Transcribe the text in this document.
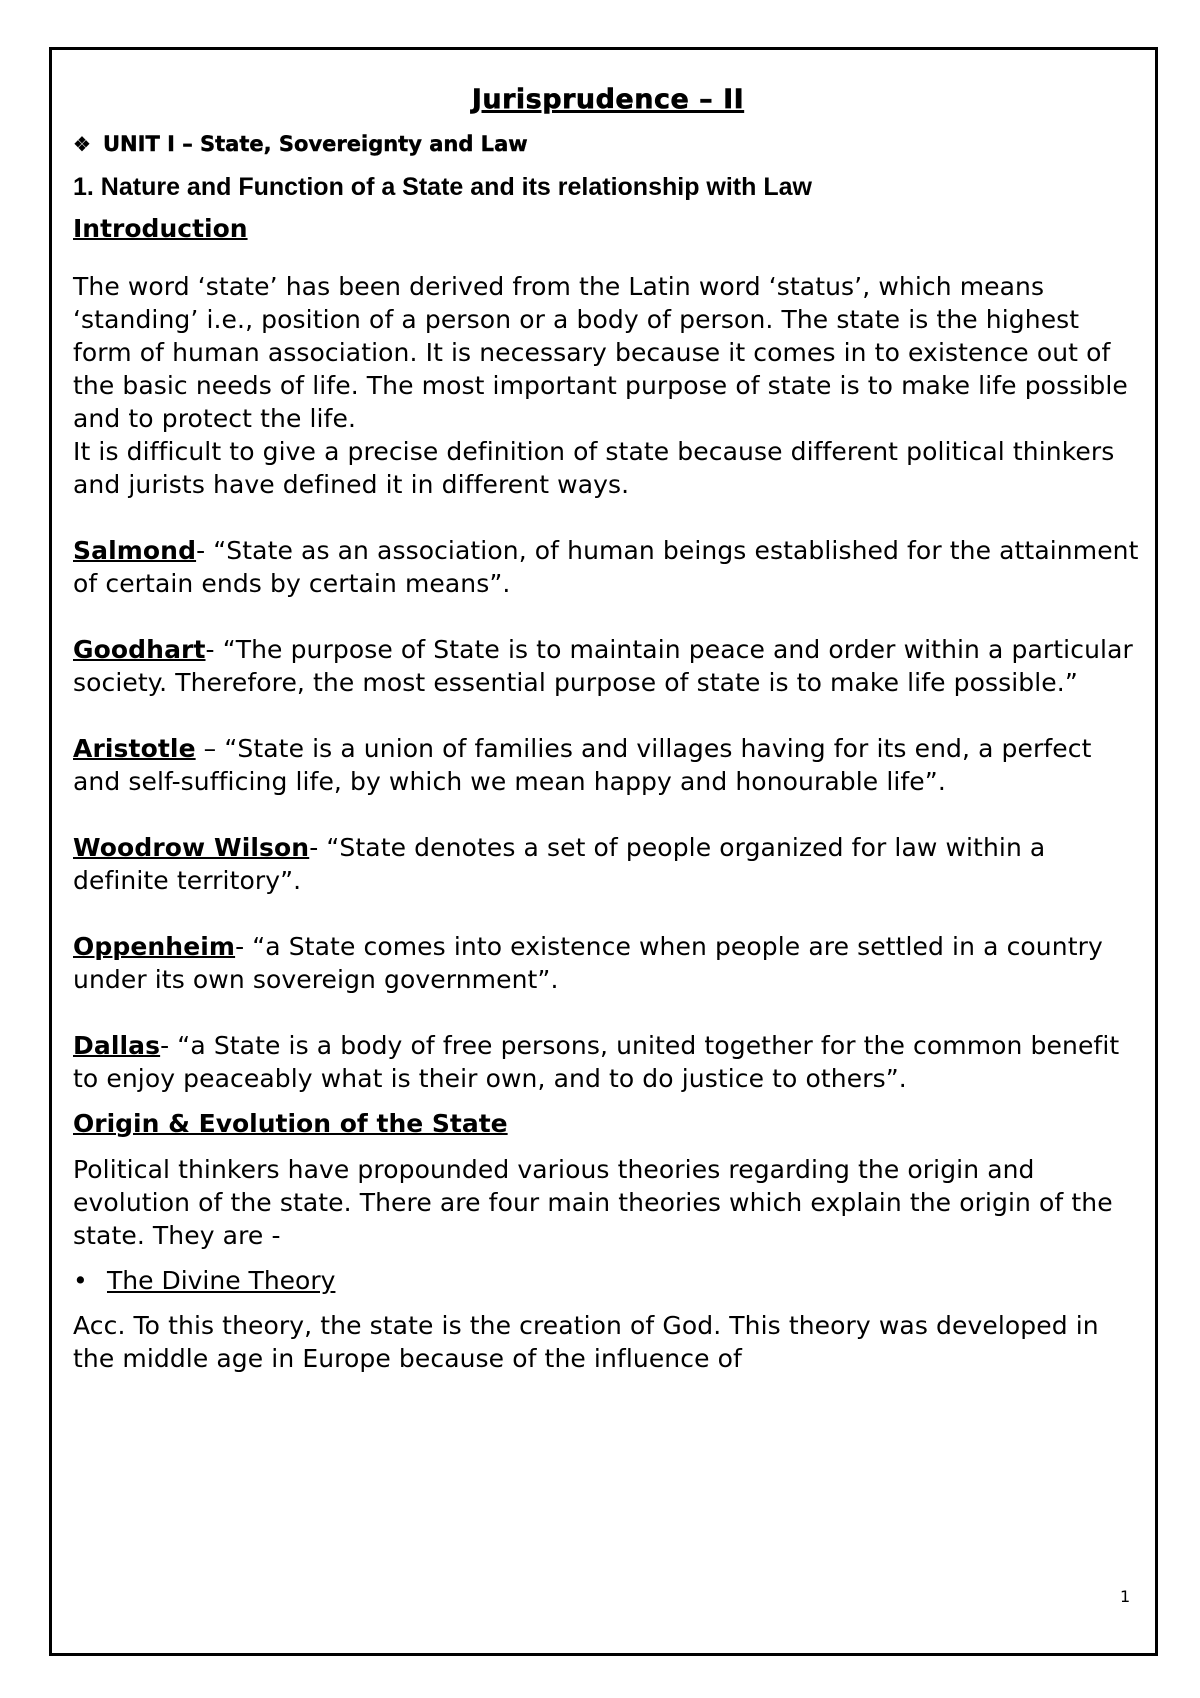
Jurisprudence – II
❖ UNIT I – State, Sovereignty and Law
1. Nature and Function of a State and its relationship with Law
Introduction

The word ‘state’ has been derived from the Latin word ‘status’, which means ‘standing’ i.e., position of a person or a body of person. The state is the highest form of human association. It is necessary because it comes in to existence out of the basic needs of life. The most important purpose of state is to make life possible and to protect the life.

It is difficult to give a precise definition of state because different political thinkers and jurists have defined it in different ways.

Salmond- “State as an association, of human beings established for the attainment of certain ends by certain means”.

Goodhart- “The purpose of State is to maintain peace and order within a particular society. Therefore, the most essential purpose of state is to make life possible.”

Aristotle – “State is a union of families and villages having for its end, a perfect and self-sufficing life, by which we mean happy and honourable life”.

Woodrow Wilson- “State denotes a set of people organized for law within a definite territory”.

Oppenheim- “a State comes into existence when people are settled in a country under its own sovereign government”.

Dallas- “a State is a body of free persons, united together for the common benefit to enjoy peaceably what is their own, and to do justice to others”.

Origin & Evolution of the State

Political thinkers have propounded various theories regarding the origin and evolution of the state. There are four main theories which explain the origin of the state. They are -

• The Divine Theory

Acc. To this theory, the state is the creation of God. This theory was developed in the middle age in Europe because of the influence of

1
